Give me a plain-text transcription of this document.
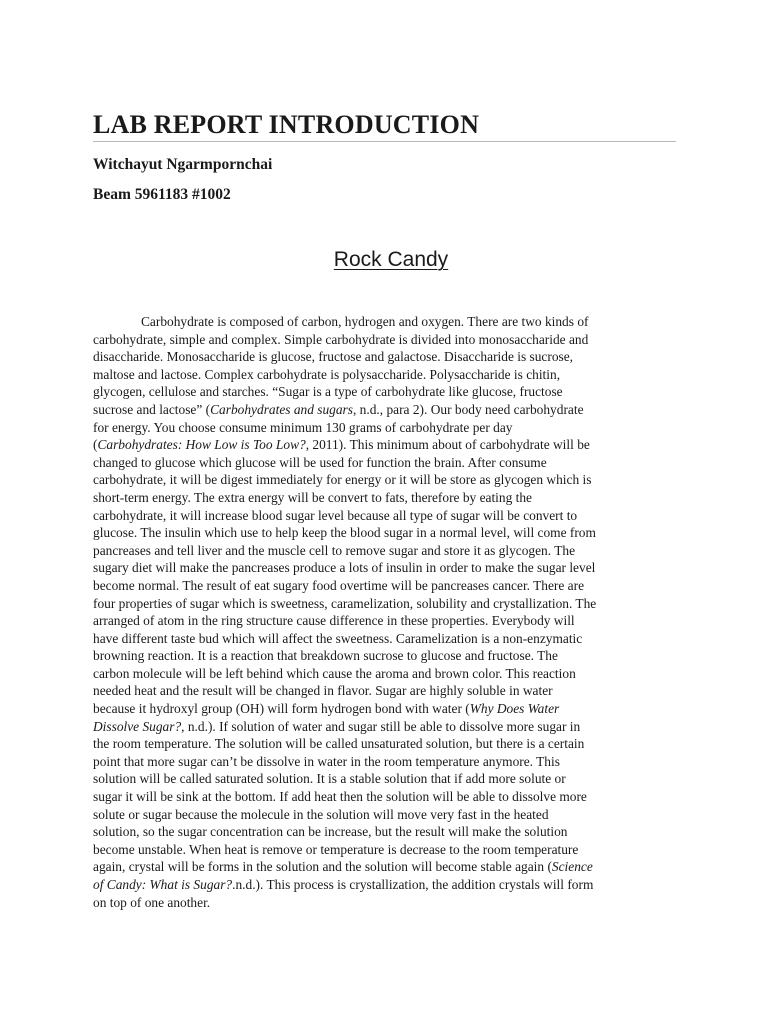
LAB REPORT INTRODUCTION
Witchayut Ngarmpornchai
Beam 5961183 #1002
Rock Candy
Carbohydrate is composed of carbon, hydrogen and oxygen. There are two kinds of
carbohydrate, simple and complex. Simple carbohydrate is divided into monosaccharide and
disaccharide. Monosaccharide is glucose, fructose and galactose. Disaccharide is sucrose,
maltose and lactose. Complex carbohydrate is polysaccharide. Polysaccharide is chitin,
glycogen, cellulose and starches. “Sugar is a type of carbohydrate like glucose, fructose
sucrose and lactose” (Carbohydrates and sugars, n.d., para 2). Our body need carbohydrate
for energy. You choose consume minimum 130 grams of carbohydrate per day
(Carbohydrates: How Low is Too Low?, 2011). This minimum about of carbohydrate will be
changed to glucose which glucose will be used for function the brain. After consume
carbohydrate, it will be digest immediately for energy or it will be store as glycogen which is
short-term energy. The extra energy will be convert to fats, therefore by eating the
carbohydrate, it will increase blood sugar level because all type of sugar will be convert to
glucose. The insulin which use to help keep the blood sugar in a normal level, will come from
pancreases and tell liver and the muscle cell to remove sugar and store it as glycogen. The
sugary diet will make the pancreases produce a lots of insulin in order to make the sugar level
become normal. The result of eat sugary food overtime will be pancreases cancer. There are
four properties of sugar which is sweetness, caramelization, solubility and crystallization. The
arranged of atom in the ring structure cause difference in these properties. Everybody will
have different taste bud which will affect the sweetness. Caramelization is a non-enzymatic
browning reaction. It is a reaction that breakdown sucrose to glucose and fructose. The
carbon molecule will be left behind which cause the aroma and brown color. This reaction
needed heat and the result will be changed in flavor. Sugar are highly soluble in water
because it hydroxyl group (OH) will form hydrogen bond with water (Why Does Water
Dissolve Sugar?, n.d.). If solution of water and sugar still be able to dissolve more sugar in
the room temperature. The solution will be called unsaturated solution, but there is a certain
point that more sugar can’t be dissolve in water in the room temperature anymore. This
solution will be called saturated solution. It is a stable solution that if add more solute or
sugar it will be sink at the bottom. If add heat then the solution will be able to dissolve more
solute or sugar because the molecule in the solution will move very fast in the heated
solution, so the sugar concentration can be increase, but the result will make the solution
become unstable. When heat is remove or temperature is decrease to the room temperature
again, crystal will be forms in the solution and the solution will become stable again (Science
of Candy: What is Sugar?.n.d.). This process is crystallization, the addition crystals will form
on top of one another.
